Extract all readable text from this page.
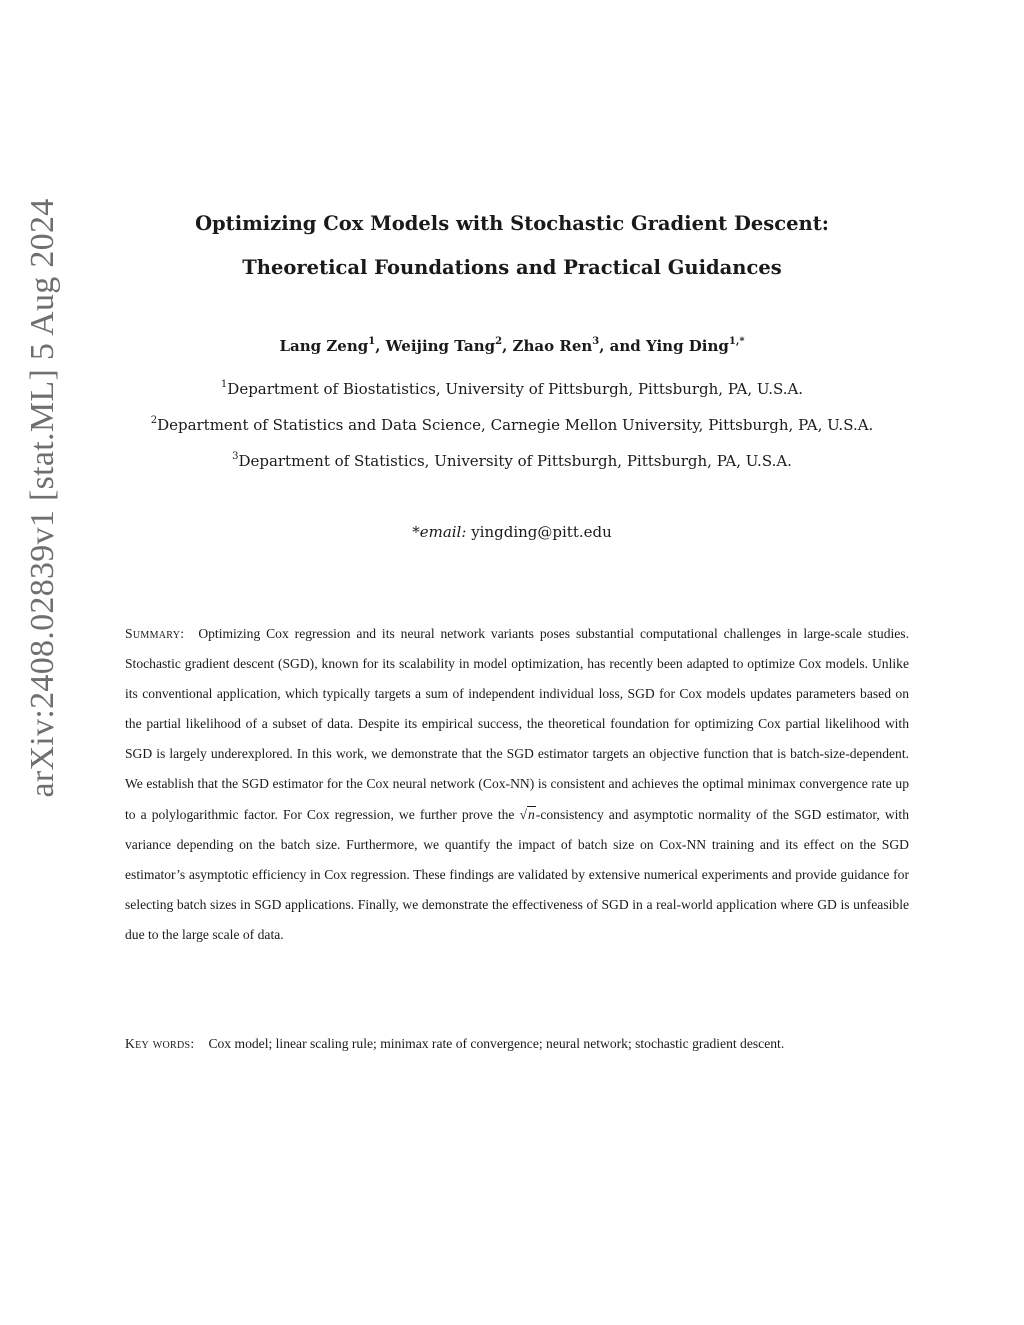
arXiv:2408.02839v1 [stat.ML] 5 Aug 2024	Optimizing Cox Models with Stochastic Gradient Descent:
Theoretical Foundations and Practical Guidances
Lang Zeng$^1$, Weijing Tang$^2$, Zhao Ren$^3$, and Ying Ding$^{1,*}$
$^1$Department of Biostatistics, University of Pittsburgh, Pittsburgh, PA, U.S.A.
$^2$Department of Statistics and Data Science, Carnegie Mellon University, Pittsburgh, PA, U.S.A.
$^3$Department of Statistics, University of Pittsburgh, Pittsburgh, PA, U.S.A.
*email: yingding@pitt.edu

Summary: Optimizing Cox regression and its neural network variants poses substantial computational challenges in large-scale studies. Stochastic gradient descent (SGD), known for its scalability in model optimization, has recently been adapted to optimize Cox models. Unlike its conventional application, which typically targets a sum of independent individual loss, SGD for Cox models updates parameters based on the partial likelihood of a subset of data. Despite its empirical success, the theoretical foundation for optimizing Cox partial likelihood with SGD is largely underexplored. In this work, we demonstrate that the SGD estimator targets an objective function that is batch-size-dependent. We establish that the SGD estimator for the Cox neural network (Cox-NN) is consistent and achieves the optimal minimax convergence rate up to a polylogarithmic factor. For Cox regression, we further prove the √n-consistency and asymptotic normality of the SGD estimator, with variance depending on the batch size. Furthermore, we quantify the impact of batch size on Cox-NN training and its effect on the SGD estimator’s asymptotic efficiency in Cox regression. These findings are validated by extensive numerical experiments and provide guidance for selecting batch sizes in SGD applications. Finally, we demonstrate the effectiveness of SGD in a real-world application where GD is unfeasible due to the large scale of data.

Key words: Cox model; linear scaling rule; minimax rate of convergence; neural network; stochastic gradient descent.
